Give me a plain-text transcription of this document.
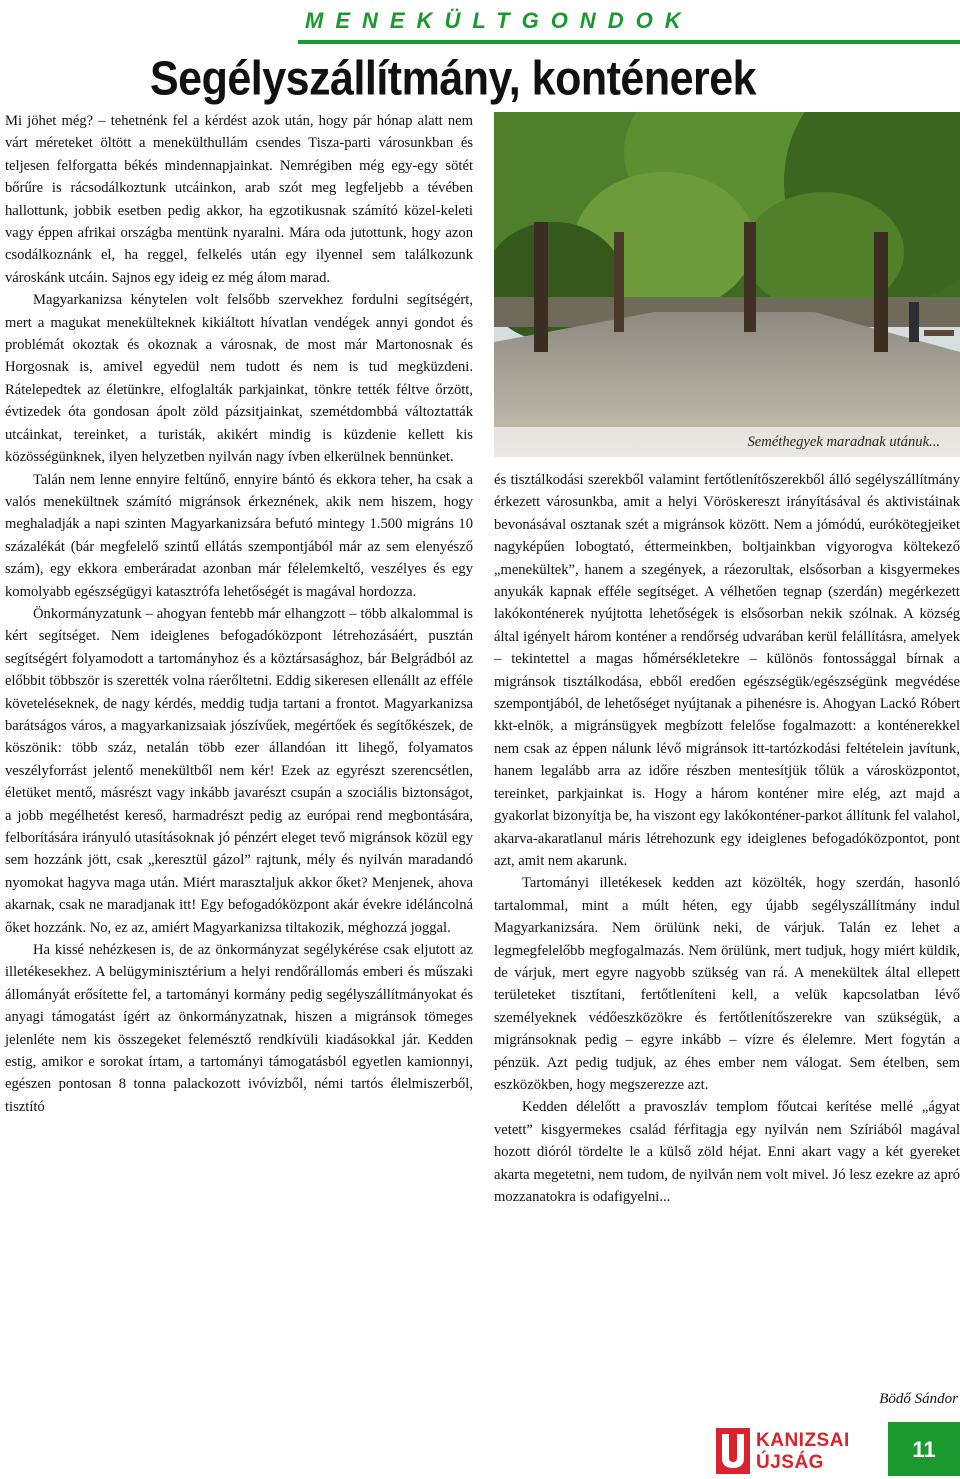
MENEKÜLTGONDOK
Segélyszállítmány, konténerek

Mi jöhet még? – tehetnénk fel a kérdést azok után, hogy pár hónap alatt nem várt méreteket öltött a menekülthullám csendes Tisza-parti városunkban és teljesen felforgatta békés mindennapjainkat. Nemrégiben még egy-egy sötét bőrűre is rácsodálkoztunk utcáinkon, arab szót meg legfeljebb a tévében hallottunk, jobbik esetben pedig akkor, ha egzotikusnak számító közel-keleti vagy éppen afrikai országba mentünk nyaralni. Mára oda jutottunk, hogy azon csodálkoznánk el, ha reggel, felkelés után egy ilyennel sem találkozunk városkánk utcáin. Sajnos egy ideig ez még álom marad.

Magyarkanizsa kénytelen volt felsőbb szervekhez fordulni segítségért, mert a magukat menekülteknek kikiáltott hívatlan vendégek annyi gondot és problémát okoztak és okoznak a városnak, de most már Martonosnak és Horgosnak is, amivel egyedül nem tudott és nem is tud megküzdeni. Rátelepedtek az életünkre, elfoglalták parkjainkat, tönkre tették féltve őrzött, évtizedek óta gondosan ápolt zöld pázsitjainkat, szemétdombbá változtatták utcáinkat, tereinket, a turisták, akikért mindig is küzdenie kellett kis közösségünknek, ilyen helyzetben nyilván nagy ívben elkerülnek bennünket.

Talán nem lenne ennyire feltűnő, ennyire bántó és ekkora teher, ha csak a valós menekültnek számító migránsok érkeznének, akik nem hiszem, hogy meghaladják a napi szinten Magyarkanizsára befutó mintegy 1.500 migráns 10 százalékát (bár megfelelő szintű ellátás szempontjából már az sem elenyésző szám), egy ekkora emberáradat azonban már félelemkeltő, veszélyes és egy komolyabb egészségügyi katasztrófa lehetőségét is magával hordozza.

Önkormányzatunk – ahogyan fentebb már elhangzott – több alkalommal is kért segítséget. Nem ideiglenes befogadóközpont létrehozásáért, pusztán segítségért folyamodott a tartományhoz és a köztársasághoz, bár Belgrádból az előbbit többször is szerették volna ráerőltetni. Eddig sikeresen ellenállt az efféle követeléseknek, de nagy kérdés, meddig tudja tartani a frontot. Magyarkanizsa barátságos város, a magyarkanizsaiak jószívűek, megértőek és segítőkészek, de köszönik: több száz, netalán több ezer állandóan itt lihegő, folyamatos veszélyforrást jelentő menekültből nem kér! Ezek az egyrészt szerencsétlen, életüket mentő, másrészt vagy inkább javarészt csupán a szociális biztonságot, a jobb megélhetést kereső, harmadrészt pedig az európai rend megbontására, felborítására irányuló utasításoknak jó pénzért eleget tevő migránsok közül egy sem hozzánk jött, csak „keresztül gázol” rajtunk, mély és nyilván maradandó nyomokat hagyva maga után. Miért marasztaljuk akkor őket? Menjenek, ahova akarnak, csak ne maradjanak itt! Egy befogadóközpont akár évekre idéláncolná őket hozzánk. No, ez az, amiért Magyarkanizsa tiltakozik, méghozzá joggal.

Ha kissé nehézkesen is, de az önkormányzat segélykérése csak eljutott az illetékesekhez. A belügyminisztérium a helyi rendőrállomás emberi és műszaki állományát erősítette fel, a tartományi kormány pedig segélyszállítmányokat és anyagi támogatást ígért az önkormányzatnak, hiszen a migránsok tömeges jelenléte nem kis összegeket felemésztő rendkívüli kiadásokkal jár. Kedden estig, amikor e sorokat írtam, a tartományi támogatásból egyetlen kamionnyi, egészen pontosan 8 tonna palackozott ivóvízből, némi tartós élelmiszerből, tisztító

Seméthegyek maradnak utánuk...

és tisztálkodási szerekből valamint fertőtlenítőszerekből álló segélyszállítmány érkezett városunkba, amit a helyi Vöröskereszt irányításával és aktivistáinak bevonásával osztanak szét a migránsok között. Nem a jómódú, eurókötegjeiket nagyképűen lobogtató, éttermeinkben, boltjainkban vigyorogva költekező „menekültek”, hanem a szegények, a ráezorultak, elsősorban a kisgyermekes anyukák kapnak efféle segítséget. A vélhetően tegnap (szerdán) megérkezett lakókonténerek nyújtotta lehetőségek is elsősorban nekik szólnak. A község által igényelt három konténer a rendőrség udvarában kerül felállításra, amelyek – tekintettel a magas hőmérsékletekre – különös fontossággal bírnak a migránsok tisztálkodása, ebből eredően egészségük/egészségünk megvédése szempontjából, de lehetőséget nyújtanak a pihenésre is. Ahogyan Lackó Róbert kkt-elnök, a migránsügyek megbízott felelőse fogalmazott: a konténerekkel nem csak az éppen nálunk lévő migránsok itt-tartózkodási feltételein javítunk, hanem legalább arra az időre részben mentesítjük tőlük a városközpontot, tereinket, parkjainkat is. Hogy a három konténer mire elég, azt majd a gyakorlat bizonyítja be, ha viszont egy lakókonténer-parkot állítunk fel valahol, akarva-akaratlanul máris létrehozunk egy ideiglenes befogadóközpontot, pont azt, amit nem akarunk.

Tartományi illetékesek kedden azt közölték, hogy szerdán, hasonló tartalommal, mint a múlt héten, egy újabb segélyszállítmány indul Magyarkanizsára. Nem örülünk neki, de várjuk. Talán ez lehet a legmegfelelőbb megfogalmazás. Nem örülünk, mert tudjuk, hogy miért küldik, de várjuk, mert egyre nagyobb szükség van rá. A menekültek által ellepett területeket tisztítani, fertőtleníteni kell, a velük kapcsolatban lévő személyeknek védőeszközökre és fertőtlenítőszerekre van szükségük, a migránsoknak pedig – egyre inkább – vízre és élelemre. Mert fogytán a pénzük. Azt pedig tudjuk, az éhes ember nem válogat. Sem ételben, sem eszközökben, hogy megszerezze azt.

Kedden délelőtt a pravoszláv templom főutcai kerítése mellé „ágyat vetett” kisgyermekes család férfitagja egy nyilván nem Szíriából magával hozott dióról tördelte le a külső zöld héjat. Enni akart vagy a két gyereket akarta megetetni, nem tudom, de nyilván nem volt mivel. Jó lesz ezekre az apró mozzanatokra is odafigyelni...

Bödő Sándor
KANIZSAI
ÚJSÁG
11
